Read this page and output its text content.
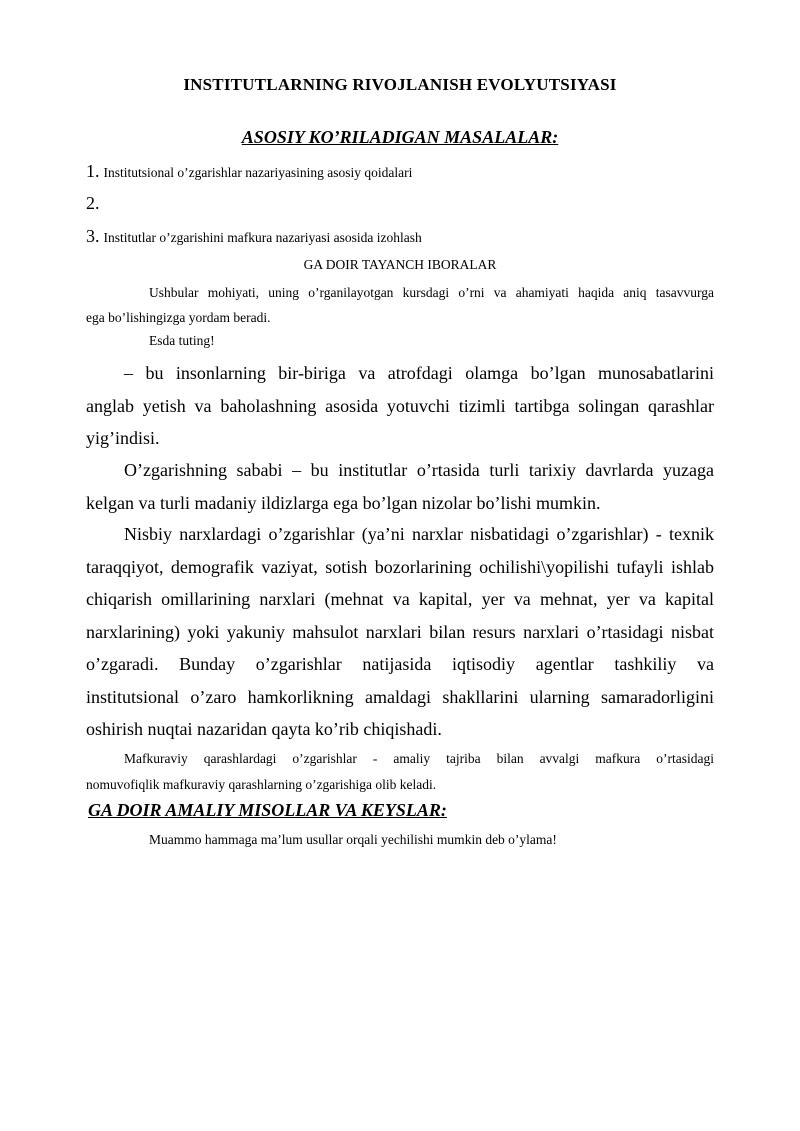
INSTITUTLARNING RIVOJLANISH EVOLYUTSIYASI
ASOSIY KO’RILADIGAN MASALALAR:
1. Institutsional o’zgarishlar nazariyasining asosiy qoidalari
2.
3. Institutlar o’zgarishini mafkura nazariyasi asosida izohlash
GA DOIR TAYANCH IBORALAR
Ushbular mohiyati, uning o’rganilayotgan kursdagi o’rni va ahamiyati haqida aniq tasavvurga
ega bo’lishingizga yordam beradi.
Esda tuting!
– bu insonlarning bir-biriga va atrofdagi olamga bo’lgan munosabatlarini
anglab yetish va baholashning asosida yotuvchi tizimli tartibga solingan qarashlar
yig’indisi.
O’zgarishning sababi – bu institutlar o’rtasida turli tarixiy davrlarda yuzaga
kelgan va turli madaniy ildizlarga ega bo’lgan nizolar bo’lishi mumkin.
Nisbiy narxlardagi o’zgarishlar (ya’ni narxlar nisbatidagi o’zgarishlar) - texnik
taraqqiyot, demografik vaziyat, sotish bozorlarining ochilishi\yopilishi tufayli ishlab
chiqarish omillarining narxlari (mehnat va kapital, yer va mehnat, yer va kapital
narxlarining) yoki yakuniy mahsulot narxlari bilan resurs narxlari o’rtasidagi nisbat
o’zgaradi. Bunday o’zgarishlar natijasida iqtisodiy agentlar tashkiliy va
institutsional o’zaro hamkorlikning amaldagi shakllarini ularning samaradorligini
oshirish nuqtai nazaridan qayta ko’rib chiqishadi.
Mafkuraviy qarashlardagi o’zgarishlar - amaliy tajriba bilan avvalgi mafkura o’rtasidagi
nomuvofiqlik mafkuraviy qarashlarning o’zgarishiga olib keladi.
GA DOIR AMALIY MISOLLAR VA KEYSLAR:
Muammo hammaga ma’lum usullar orqali yechilishi mumkin deb o’ylama!
